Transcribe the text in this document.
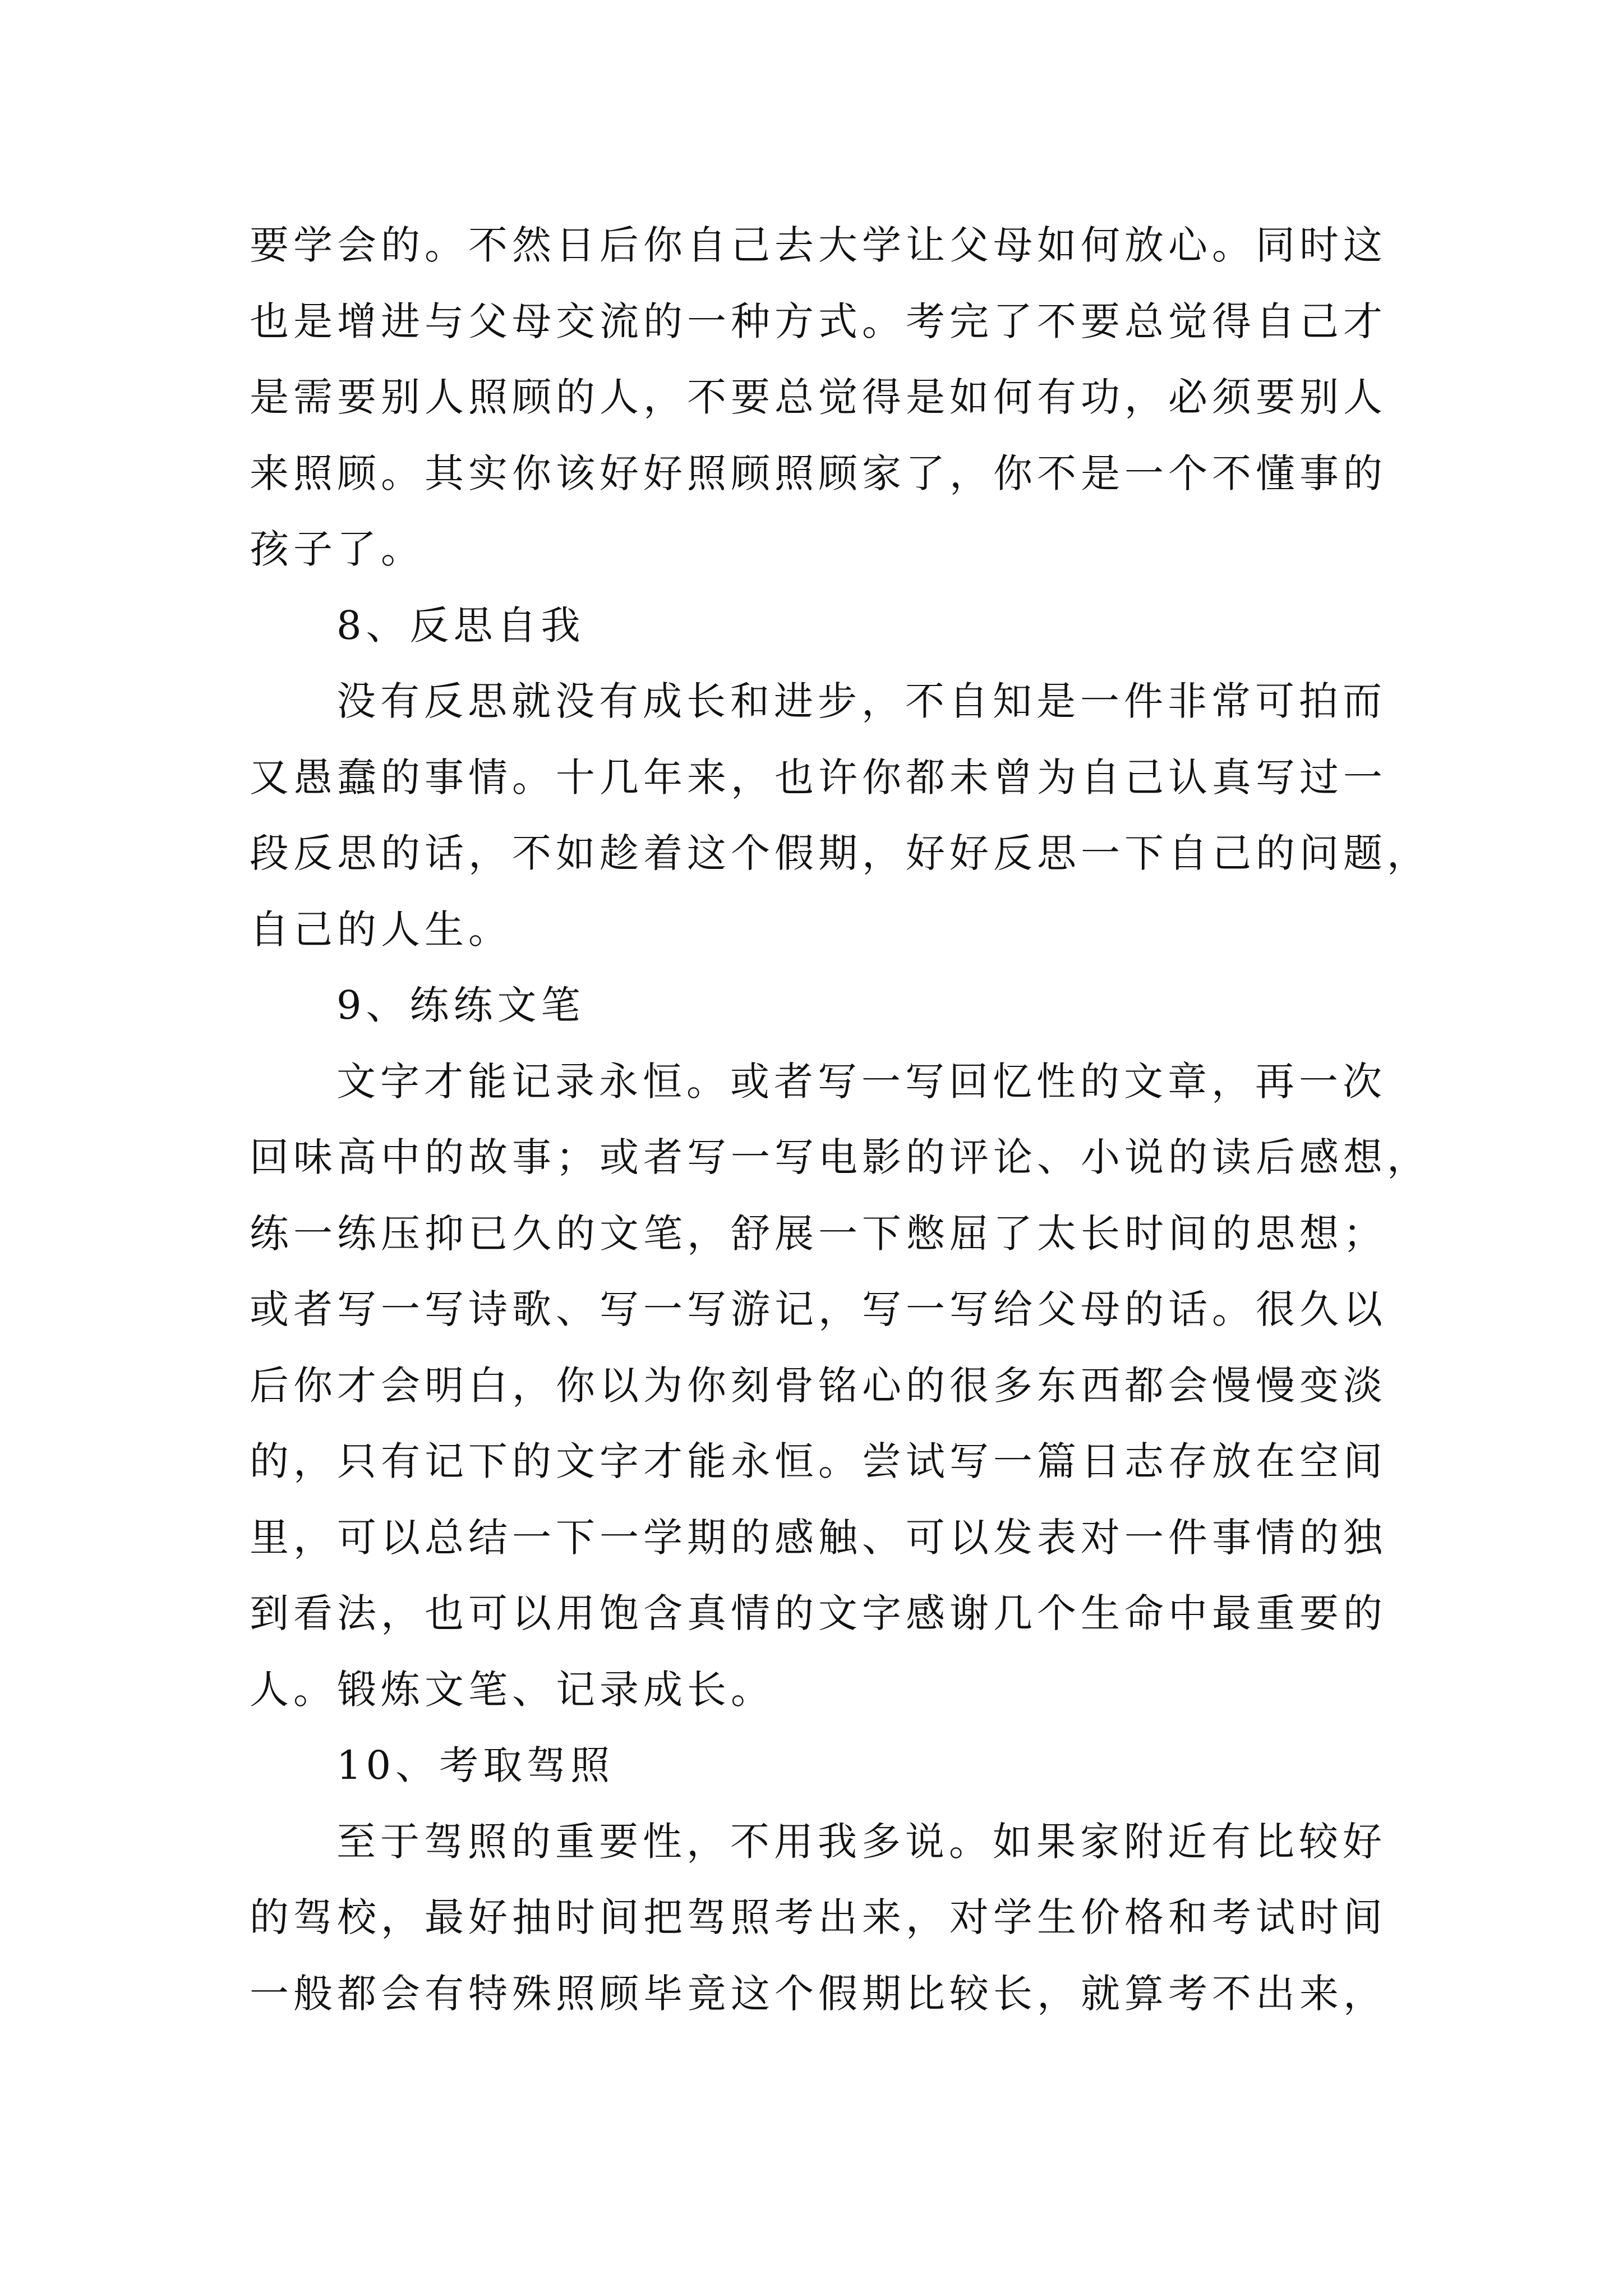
要学会的。不然日后你自己去大学让父母如何放心。同时这
也是增进与父母交流的一种方式。考完了不要总觉得自己才
是需要别人照顾的人，不要总觉得是如何有功，必须要别人
来照顾。其实你该好好照顾照顾家了，你不是一个不懂事的
孩子了。
8、反思自我
没有反思就没有成长和进步，不自知是一件非常可拍而
又愚蠢的事情。十几年来，也许你都未曾为自己认真写过一
段反思的话，不如趁着这个假期，好好反思一下自己的问题，
自己的人生。
9、练练文笔
文字才能记录永恒。或者写一写回忆性的文章，再一次
回味高中的故事；或者写一写电影的评论、小说的读后感想，
练一练压抑已久的文笔，舒展一下憋屈了太长时间的思想；
或者写一写诗歌、写一写游记，写一写给父母的话。很久以
后你才会明白，你以为你刻骨铭心的很多东西都会慢慢变淡
的，只有记下的文字才能永恒。尝试写一篇日志存放在空间
里，可以总结一下一学期的感触、可以发表对一件事情的独
到看法，也可以用饱含真情的文字感谢几个生命中最重要的
人。锻炼文笔、记录成长。
10、考取驾照
至于驾照的重要性，不用我多说。如果家附近有比较好
的驾校，最好抽时间把驾照考出来，对学生价格和考试时间
一般都会有特殊照顾毕竟这个假期比较长，就算考不出来，
